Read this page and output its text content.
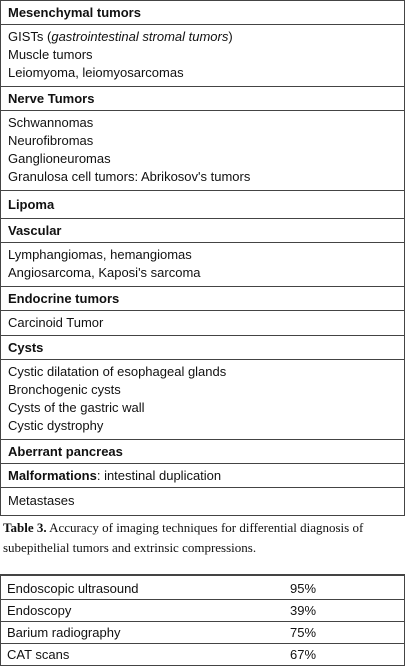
Mesenchymal tumors
GISTs (gastrointestinal stromal tumors)
Muscle tumors
Leiomyoma, leiomyosarcomas
Nerve Tumors
Schwannomas
Neurofibromas
Ganglioneuromas
Granulosa cell tumors: Abrikosov's tumors
Lipoma
Vascular
Lymphangiomas, hemangiomas
Angiosarcoma, Kaposi's sarcoma
Endocrine tumors
Carcinoid Tumor
Cysts
Cystic dilatation of esophageal glands
Bronchogenic cysts
Cysts of the gastric wall
Cystic dystrophy
Aberrant pancreas
Malformations: intestinal duplication
Metastases
Table 3. Accuracy of imaging techniques for differential diagnosis of subepithelial tumors and extrinsic compressions.
Endoscopic ultrasound	95%
Endoscopy	39%
Barium radiography	75%
CAT scans	67%
